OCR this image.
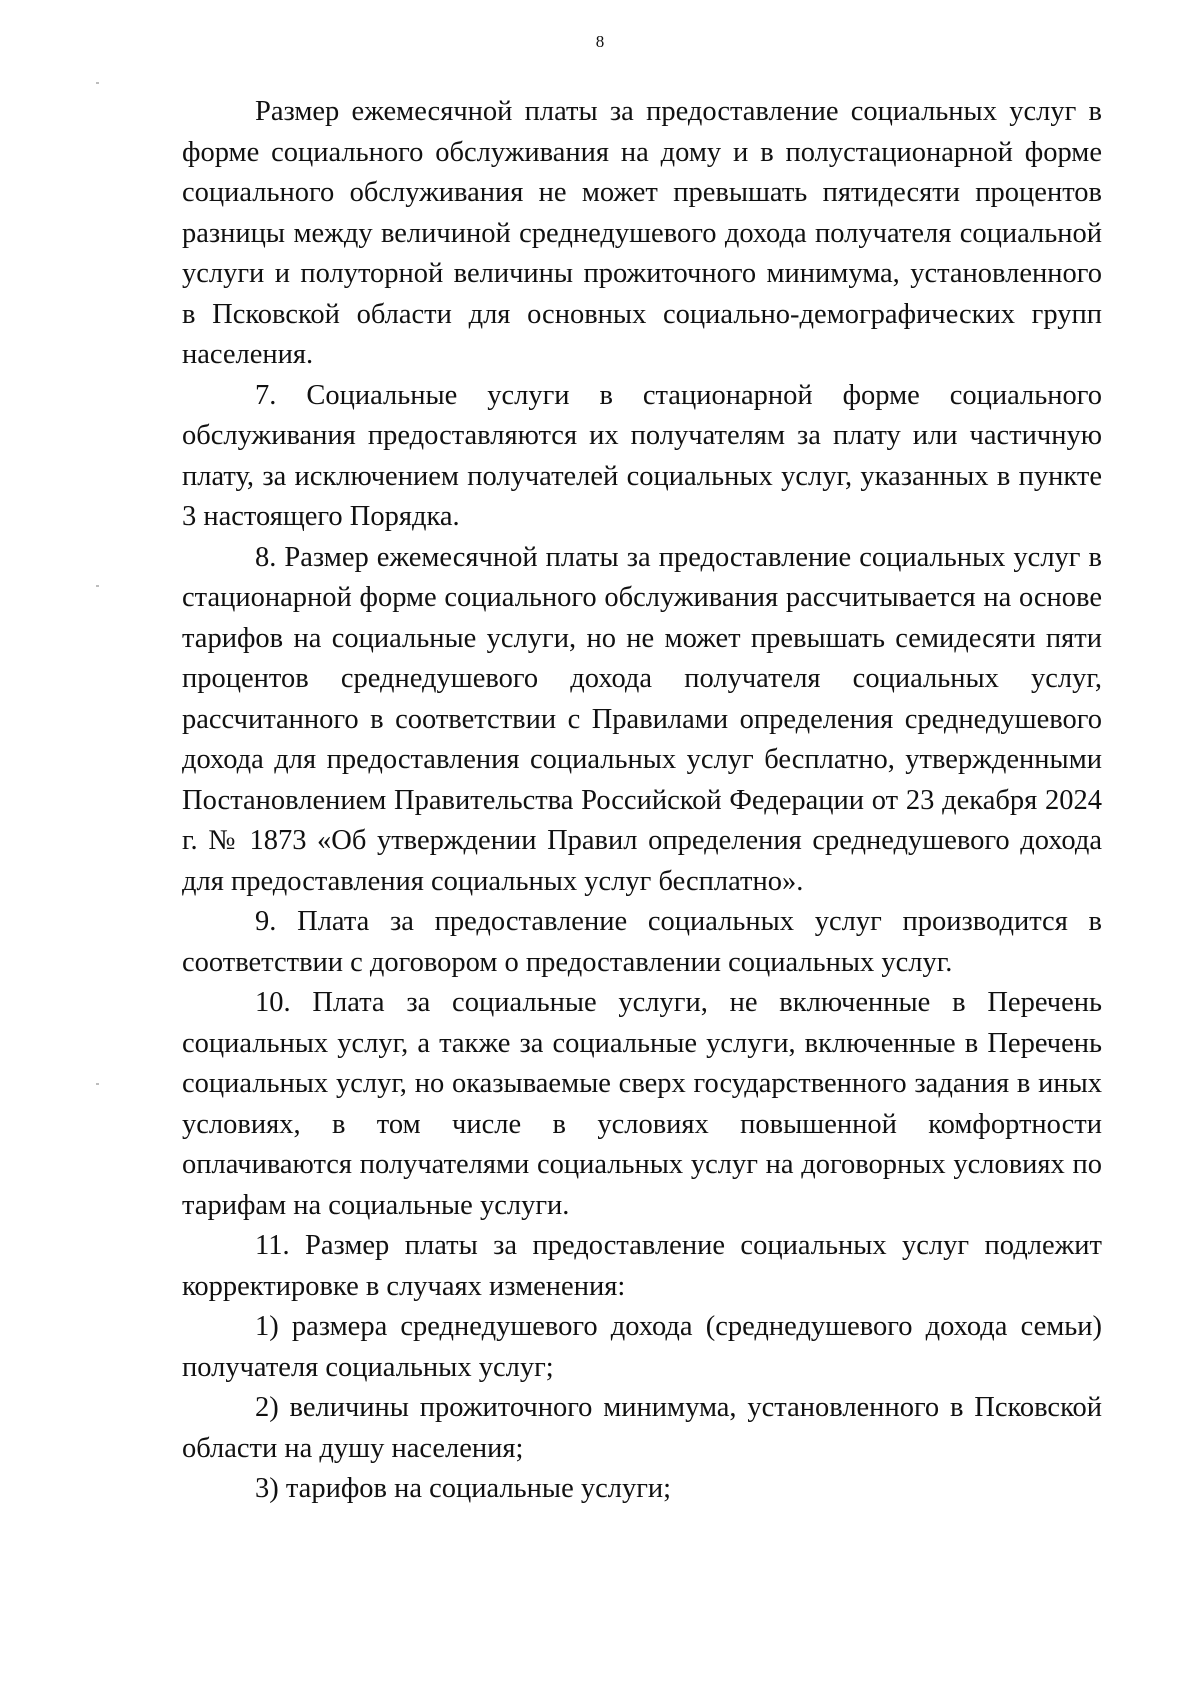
8

Размер ежемесячной платы за предоставление социальных услуг в форме социального обслуживания на дому и в полустационарной форме социального обслуживания не может превышать пятидесяти процентов разницы между величиной среднедушевого дохода получателя социальной услуги и полуторной величины прожиточного минимума, установленного в Псковской области для основных социально-демографических групп населения.

7. Социальные услуги в стационарной форме социального обслуживания предоставляются их получателям за плату или частичную плату, за исключением получателей социальных услуг, указанных в пункте 3 настоящего Порядка.

8. Размер ежемесячной платы за предоставление социальных услуг в стационарной форме социального обслуживания рассчитывается на основе тарифов на социальные услуги, но не может превышать семидесяти пяти процентов среднедушевого дохода получателя социальных услуг, рассчитанного в соответствии с Правилами определения среднедушевого дохода для предоставления социальных услуг бесплатно, утвержденными Постановлением Правительства Российской Федерации от 23 декабря 2024 г. № 1873 «Об утверждении Правил определения среднедушевого дохода для предоставления социальных услуг бесплатно».

9. Плата за предоставление социальных услуг производится в соответствии с договором о предоставлении социальных услуг.

10. Плата за социальные услуги, не включенные в Перечень социальных услуг, а также за социальные услуги, включенные в Перечень социальных услуг, но оказываемые сверх государственного задания в иных условиях, в том числе в условиях повышенной комфортности оплачиваются получателями социальных услуг на договорных условиях по тарифам на социальные услуги.

11. Размер платы за предоставление социальных услуг подлежит корректировке в случаях изменения:

1) размера среднедушевого дохода (среднедушевого дохода семьи) получателя социальных услуг;

2) величины прожиточного минимума, установленного в Псковской области на душу населения;

3) тарифов на социальные услуги;
